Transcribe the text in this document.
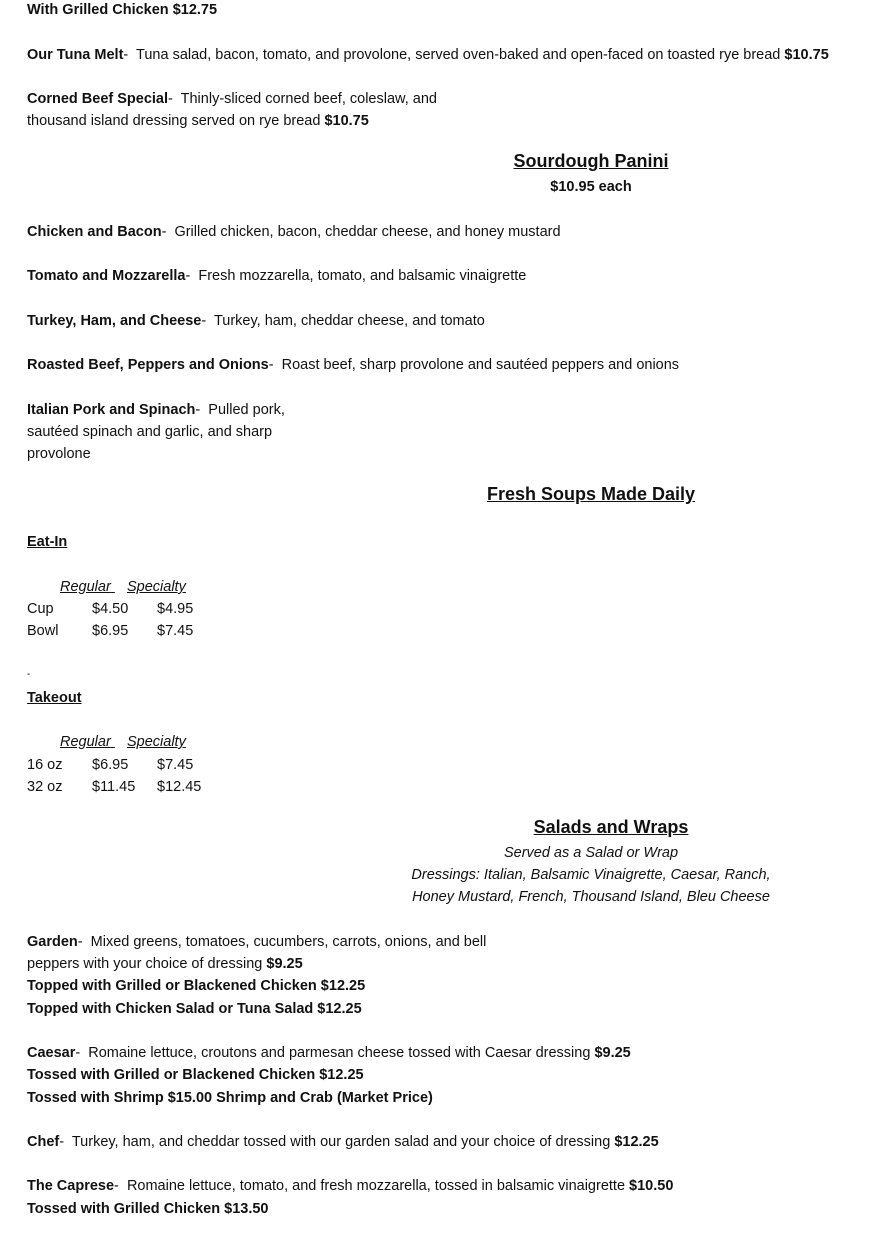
With Grilled Chicken $12.75
Our Tuna Melt-  Tuna salad, bacon, tomato, and provolone, served oven-baked and open-faced on toasted rye bread $10.75
Corned Beef Special-  Thinly-sliced corned beef, coleslaw, and
thousand island dressing served on rye bread $10.75
Sourdough Panini
$10.95 each
Chicken and Bacon-  Grilled chicken, bacon, cheddar cheese, and honey mustard
Tomato and Mozzarella-  Fresh mozzarella, tomato, and balsamic vinaigrette
Turkey, Ham, and Cheese-  Turkey, ham, cheddar cheese, and tomato
Roasted Beef, Peppers and Onions-  Roast beef, sharp provolone and sautéed peppers and onions
Italian Pork and Spinach-  Pulled pork,
sautéed spinach and garlic, and sharp
provolone
Fresh Soups Made Daily
Eat-In
Regular Specialty
Cup	$4.50 $4.95
Bowl $6.95 $7.45
-
Takeout
Regular Specialty
16 oz $6.95 $7.45
32 oz $11.45 $12.45
Salads and Wraps
Served as a Salad or Wrap
Dressings: Italian, Balsamic Vinaigrette, Caesar, Ranch,
Honey Mustard, French, Thousand Island, Bleu Cheese
Garden-  Mixed greens, tomatoes, cucumbers, carrots, onions, and bell
peppers with your choice of dressing $9.25
Topped with Grilled or Blackened Chicken $12.25
Topped with Chicken Salad or Tuna Salad $12.25
Caesar-  Romaine lettuce, croutons and parmesan cheese tossed with Caesar dressing $9.25
Tossed with Grilled or Blackened Chicken $12.25
Tossed with Shrimp $15.00 Shrimp and Crab (Market Price)
Chef-  Turkey, ham, and cheddar tossed with our garden salad and your choice of dressing $12.25
The Caprese-  Romaine lettuce, tomato, and fresh mozzarella, tossed in balsamic vinaigrette $10.50
Tossed with Grilled Chicken $13.50
